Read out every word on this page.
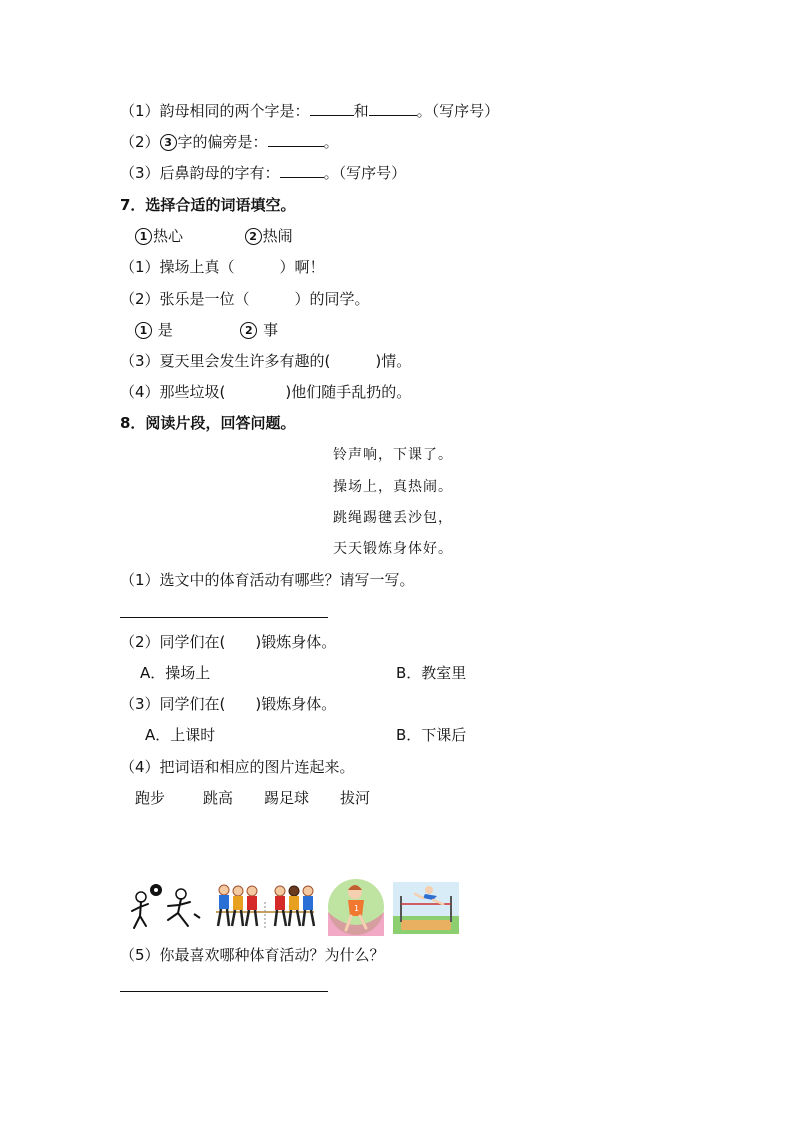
（1）韵母相同的两个字是：	和	。（写序号）
（2） 3 字的偏旁是：	。
（3）后鼻韵母的字有：	。（写序号）
7．选择合适的词语填空。
1 热心	2 热闹
（1）操场上真（　　　）啊！
（2）张乐是一位（　　　）的同学。
1 是	2 事
（3）夏天里会发生许多有趣的(　　　)情。
（4）那些垃圾(　　　　)他们随手乱扔的。
8．阅读片段，回答问题。
铃声响，下课了。
操场上，真热闹。
跳绳踢毽丢沙包，
天天锻炼身体好。
（1）选文中的体育活动有哪些？请写一写。
（2）同学们在(　　)锻炼身体。
A．操场上	B．教室里
（3）同学们在(　　)锻炼身体。
A．上课时	B．下课后
（4）把词语和相应的图片连起来。
跑步	跳高 踢足球 拔河
1
（5）你最喜欢哪种体育活动？为什么？
